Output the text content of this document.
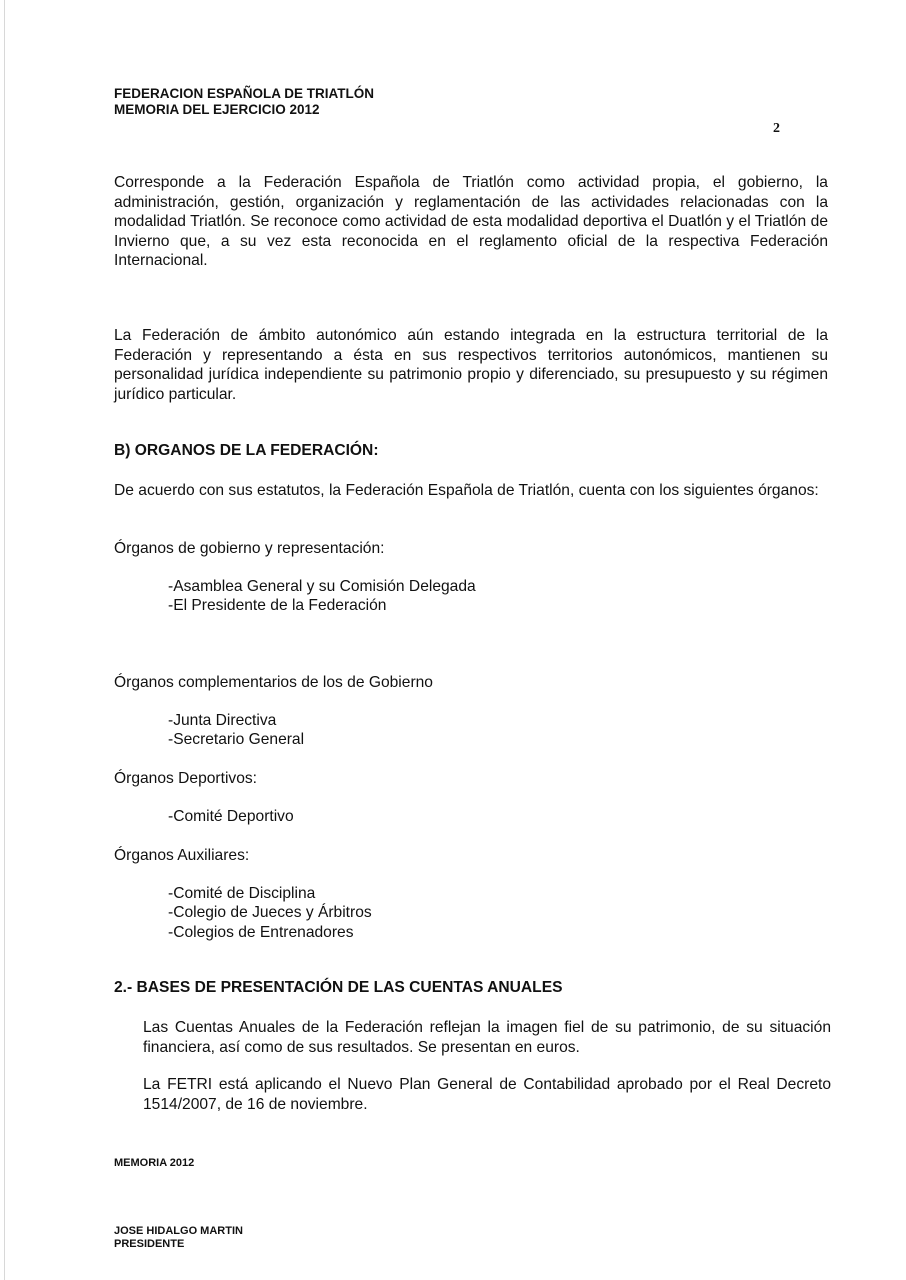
FEDERACION ESPAÑOLA DE TRIATLÓN
MEMORIA DEL EJERCICIO 2012
2
Corresponde a la Federación Española de Triatlón como actividad propia, el gobierno, la administración, gestión, organización y reglamentación de las actividades relacionadas con la modalidad Triatlón. Se reconoce como actividad de esta modalidad deportiva el Duatlón y el Triatlón de Invierno que, a su vez esta reconocida en el reglamento oficial de la respectiva Federación Internacional.
La Federación de ámbito autonómico aún estando integrada en la estructura territorial de la Federación y representando a ésta en sus respectivos territorios autonómicos, mantienen su personalidad jurídica independiente su patrimonio propio y diferenciado, su presupuesto y su régimen jurídico particular.
B) ORGANOS DE LA FEDERACIÓN:
De acuerdo con sus estatutos, la Federación Española de Triatlón, cuenta con los siguientes órganos:
Órganos de gobierno y representación:
-Asamblea General y su Comisión Delegada
-El Presidente de la Federación
Órganos complementarios de los de Gobierno
-Junta Directiva
-Secretario General
Órganos Deportivos:
-Comité Deportivo
Órganos Auxiliares:
-Comité de Disciplina
-Colegio de Jueces y Árbitros
-Colegios de Entrenadores
2.- BASES DE PRESENTACIÓN DE LAS CUENTAS ANUALES
Las Cuentas Anuales de la Federación reflejan la imagen fiel de su patrimonio, de su situación financiera, así como de sus resultados. Se presentan en euros.
La FETRI está aplicando el Nuevo Plan General de Contabilidad aprobado por el Real Decreto 1514/2007, de 16 de noviembre.
MEMORIA 2012
JOSE HIDALGO MARTIN
PRESIDENTE
